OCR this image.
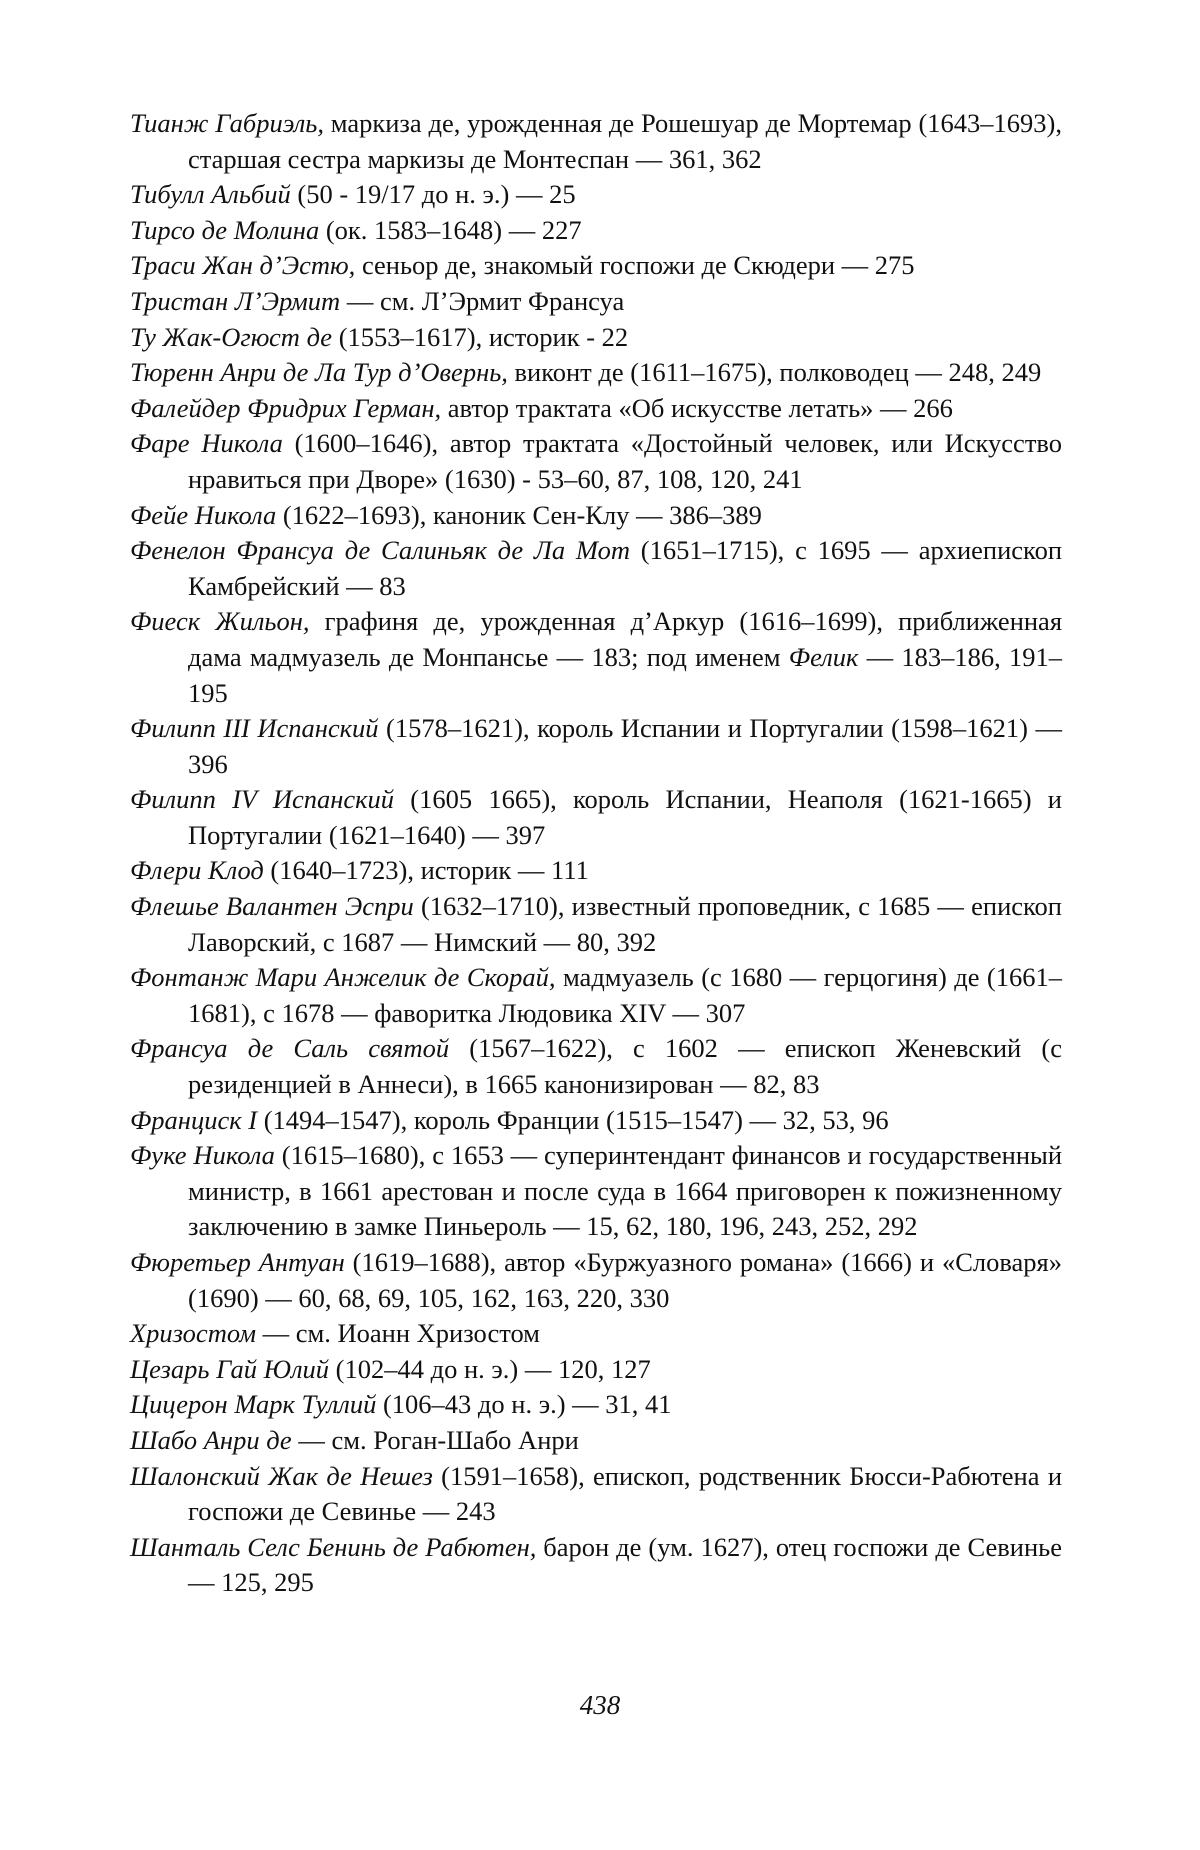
Тианж Габриэль, маркиза де, урожденная де Рошешуар де Мортемар (1643–1693), старшая сестра маркизы де Монтеспан — 361, 362

Тибулл Альбий (50 - 19/17 до н. э.) — 25

Тирсо де Молина (ок. 1583–1648) — 227

Траси Жан д’Эстю, сеньор де, знакомый госпожи де Скюдери — 275

Тристан Л’Эрмит — см. Л’Эрмит Франсуа

Ту Жак-Огюст де (1553–1617), историк - 22

Тюренн Анри де Ла Тур д’Овернь, виконт де (1611–1675), полководец — 248, 249

Фалейдер Фридрих Герман, автор трактата «Об искусстве летать» — 266

Фаре Никола (1600–1646), автор трактата «Достойный человек, или Искусство нравиться при Дворе» (1630) - 53–60, 87, 108, 120, 241

Фейе Никола (1622–1693), каноник Сен-Клу — 386–389

Фенелон Франсуа де Салиньяк де Ла Мот (1651–1715), с 1695 — архиепископ Камбрейский — 83

Фиеск Жильон, графиня де, урожденная д’Аркур (1616–1699), приближенная дама мадмуазель де Монпансье — 183; под именем Фелик — 183–186, 191–195

Филипп III Испанский (1578–1621), король Испании и Португалии (1598–1621) — 396

Филипп IV Испанский (1605 1665), король Испании, Неаполя (1621-1665) и Португалии (1621–1640) — 397

Флери Клод (1640–1723), историк — 111

Флешье Валантен Эспри (1632–1710), известный проповедник, с 1685 — епископ Лаворский, с 1687 — Нимский — 80, 392

Фонтанж Мари Анжелик де Скорай, мадмуазель (с 1680 — герцогиня) де (1661–1681), с 1678 — фаворитка Людовика XIV — 307

Франсуа де Саль святой (1567–1622), с 1602 — епископ Женевский (с резиденцией в Аннеси), в 1665 канонизирован — 82, 83

Франциск I (1494–1547), король Франции (1515–1547) — 32, 53, 96

Фуке Никола (1615–1680), с 1653 — суперинтендант финансов и государственный министр, в 1661 арестован и после суда в 1664 приговорен к пожизненному заключению в замке Пиньероль — 15, 62, 180, 196, 243, 252, 292

Фюретьер Антуан (1619–1688), автор «Буржуазного романа» (1666) и «Словаря» (1690) — 60, 68, 69, 105, 162, 163, 220, 330

Хризостом — см. Иоанн Хризостом

Цезарь Гай Юлий (102–44 до н. э.) — 120, 127

Цицерон Марк Туллий (106–43 до н. э.) — 31, 41

Шабо Анри де — см. Роган-Шабо Анри

Шалонский Жак де Нешез (1591–1658), епископ, родственник Бюсси-Рабютена и госпожи де Севинье — 243

Шанталь Селс Бенинь де Рабютен, барон де (ум. 1627), отец госпожи де Севинье — 125, 295

438
